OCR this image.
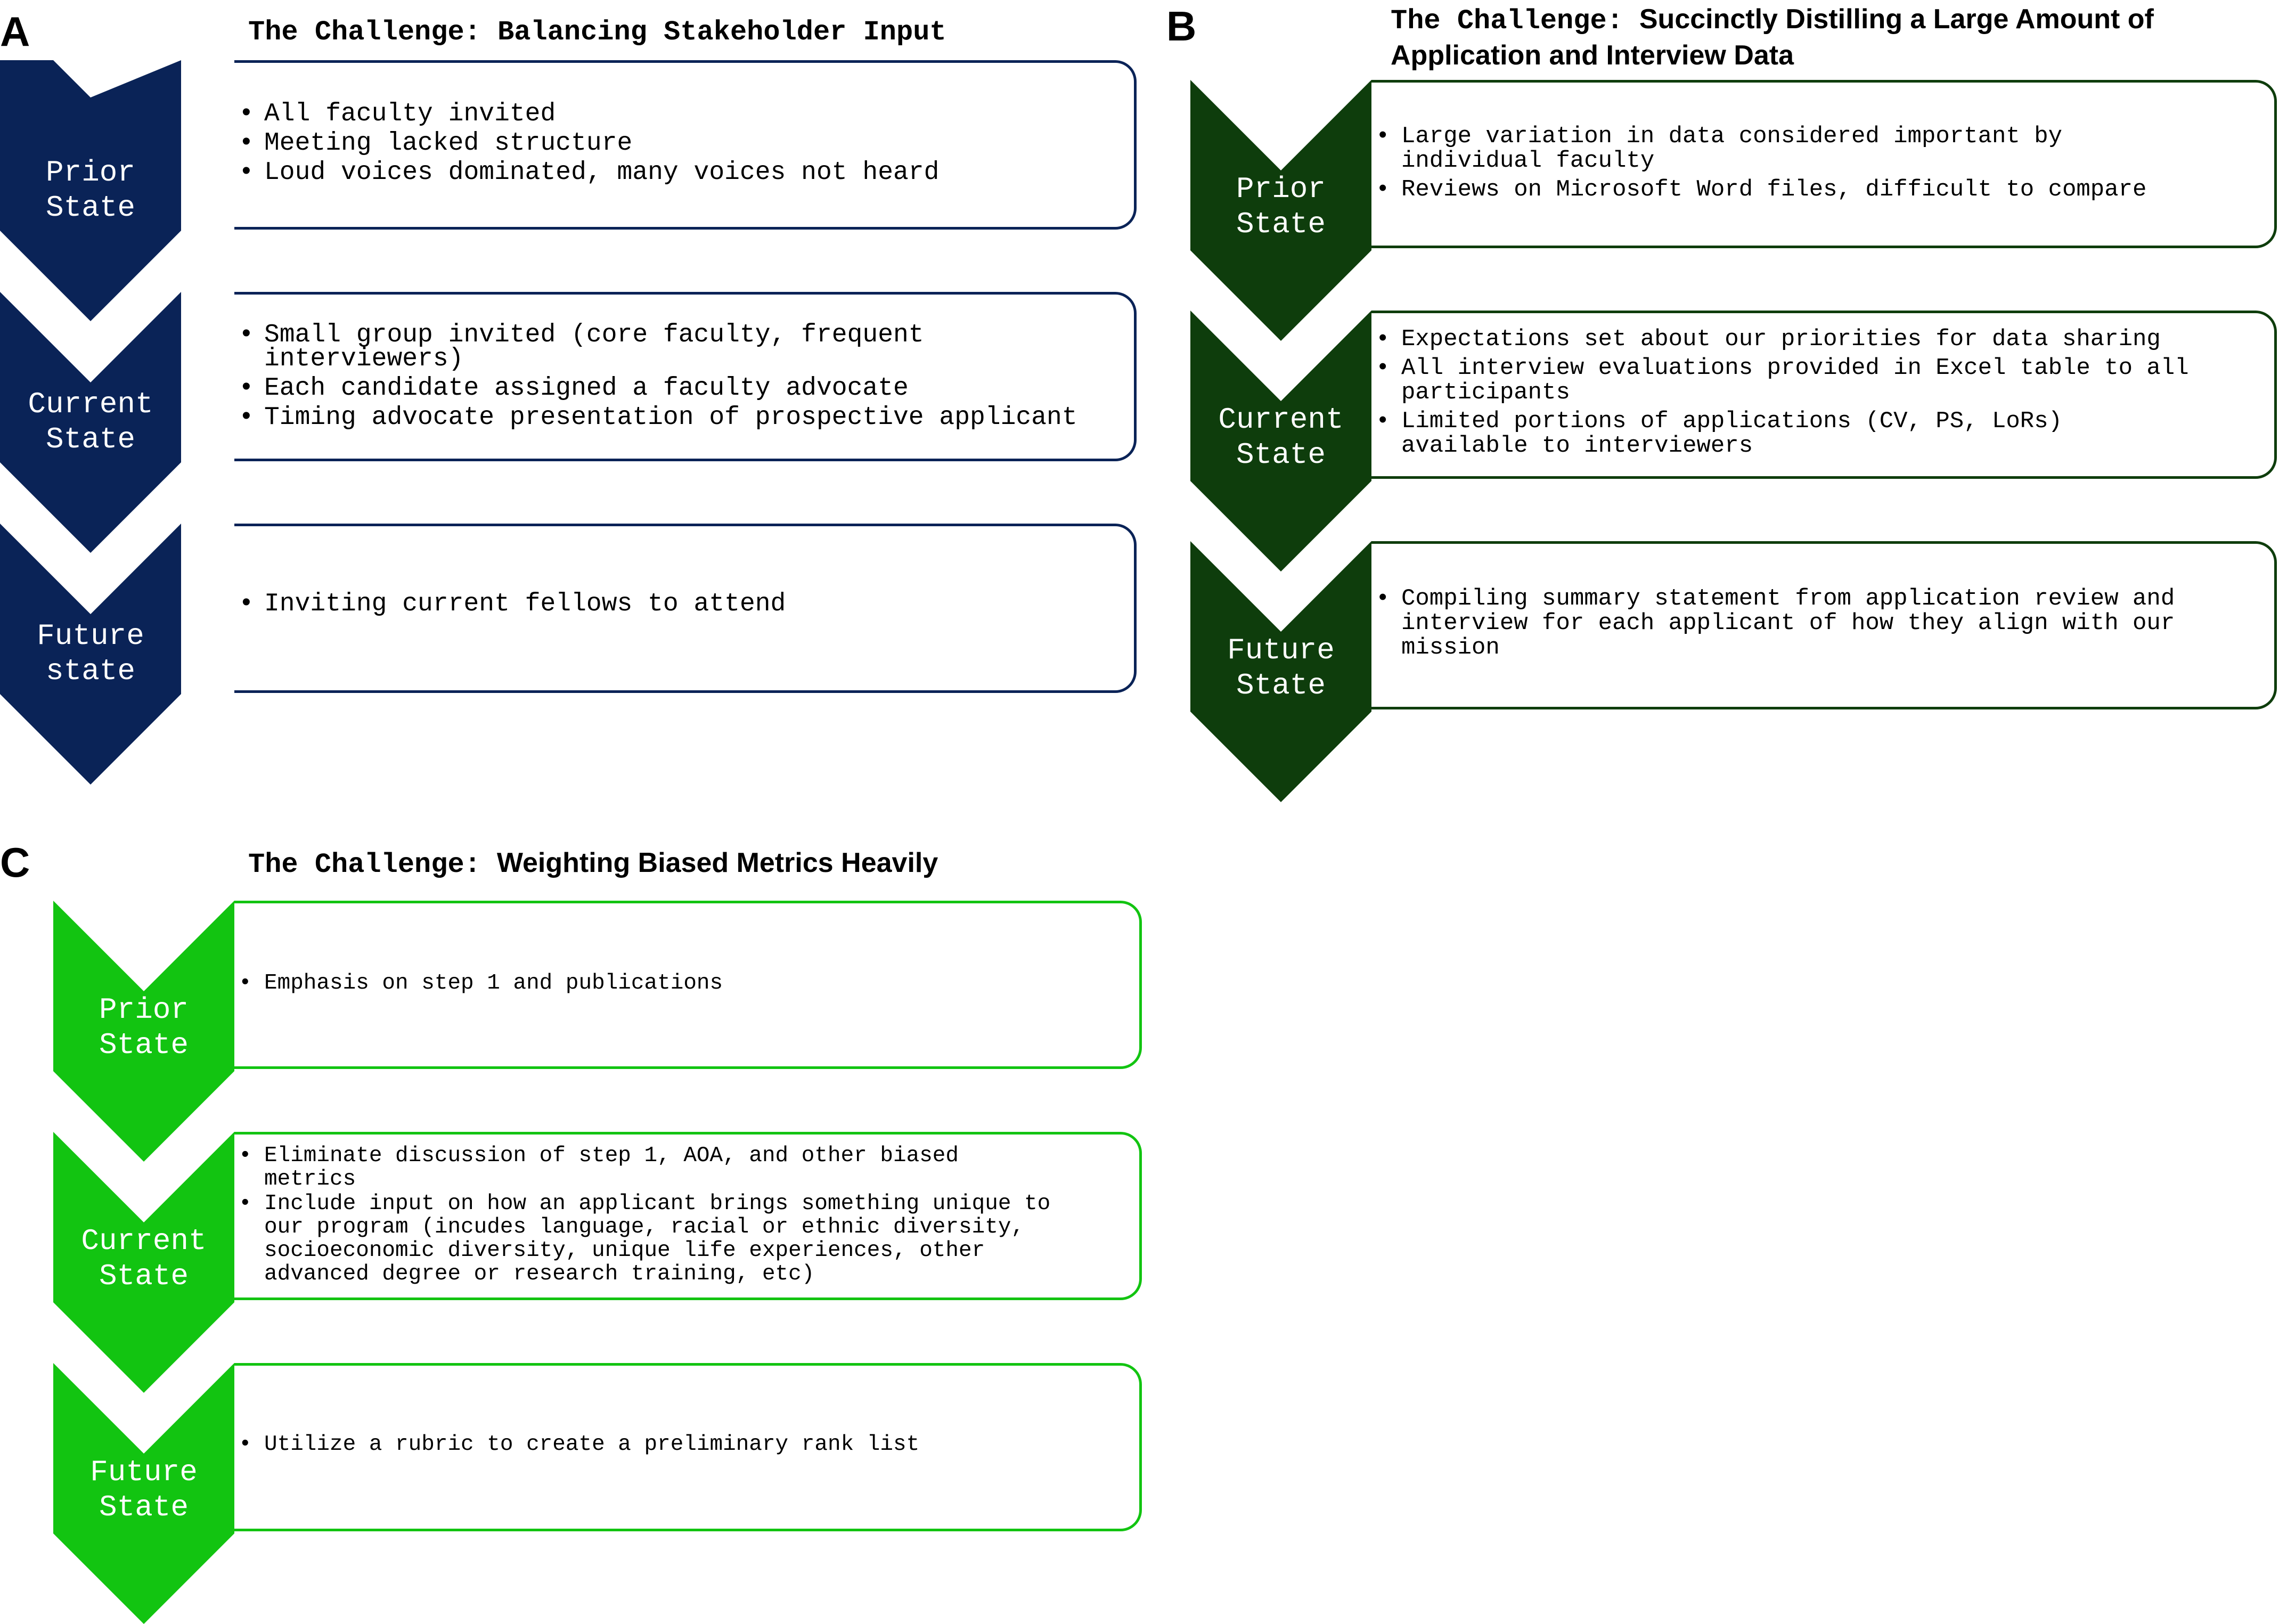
A	The Challenge: Balancing Stakeholder Input
Prior
State
• All faculty invited
• Meeting lacked structure
• Loud voices dominated, many voices not heard
Current
State
• Small group invited (core faculty, frequent
interviewers)
• Each candidate assigned a faculty advocate
• Timing advocate presentation of prospective applicant
Future
state
• Inviting current fellows to attend
B	The Challenge: Succinctly Distilling a Large Amount of
Application and Interview Data
Prior
State
• Large variation in data considered important by
individual faculty
• Reviews on Microsoft Word files, difficult to compare
Current
State
• Expectations set about our priorities for data sharing
• All interview evaluations provided in Excel table to all
participants
• Limited portions of applications (CV, PS, LoRs)
available to interviewers
Future
State
• Compiling summary statement from application review and
interview for each applicant of how they align with our
mission
C	The Challenge: Weighting Biased Metrics Heavily
Prior
State
• Emphasis on step 1 and publications
Current
State
• Eliminate discussion of step 1, AOA, and other biased
metrics
• Include input on how an applicant brings something unique to
our program (incudes language, racial or ethnic diversity,
socioeconomic diversity, unique life experiences, other
advanced degree or research training, etc)
Future
State
• Utilize a rubric to create a preliminary rank list
